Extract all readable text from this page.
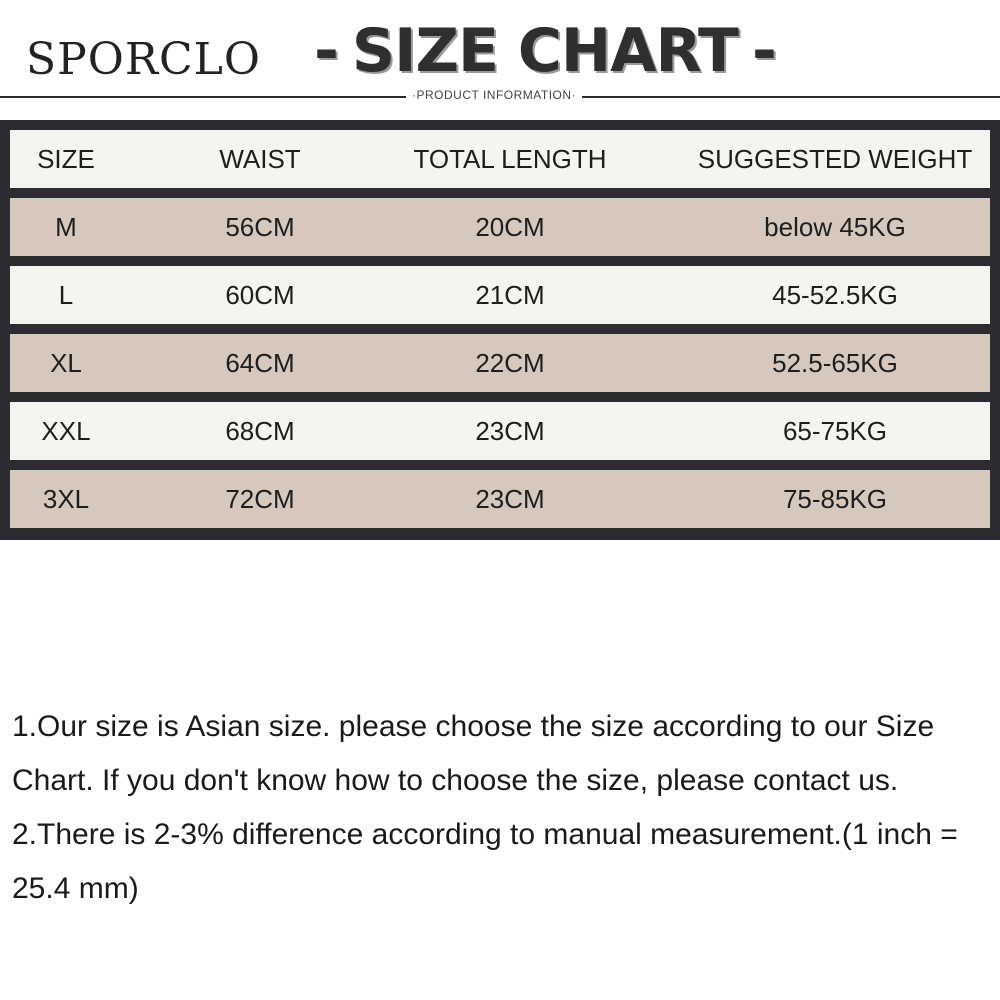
SPORCLO - SIZE CHART -
·PRODUCT INFORMATION·
SIZE	WAIST	TOTAL LENGTH	SUGGESTED WEIGHT
M	56CM	20CM	below 45KG
L	60CM	21CM	45-52.5KG
XL	64CM	22CM	52.5-65KG
XXL	68CM	23CM	65-75KG
3XL	72CM	23CM	75-85KG

1.Our size is Asian size. please choose the size according to our Size Chart. If you don't know how to choose the size, please contact us.

2.There is 2-3% difference according to manual measurement.(1 inch = 25.4 mm)
